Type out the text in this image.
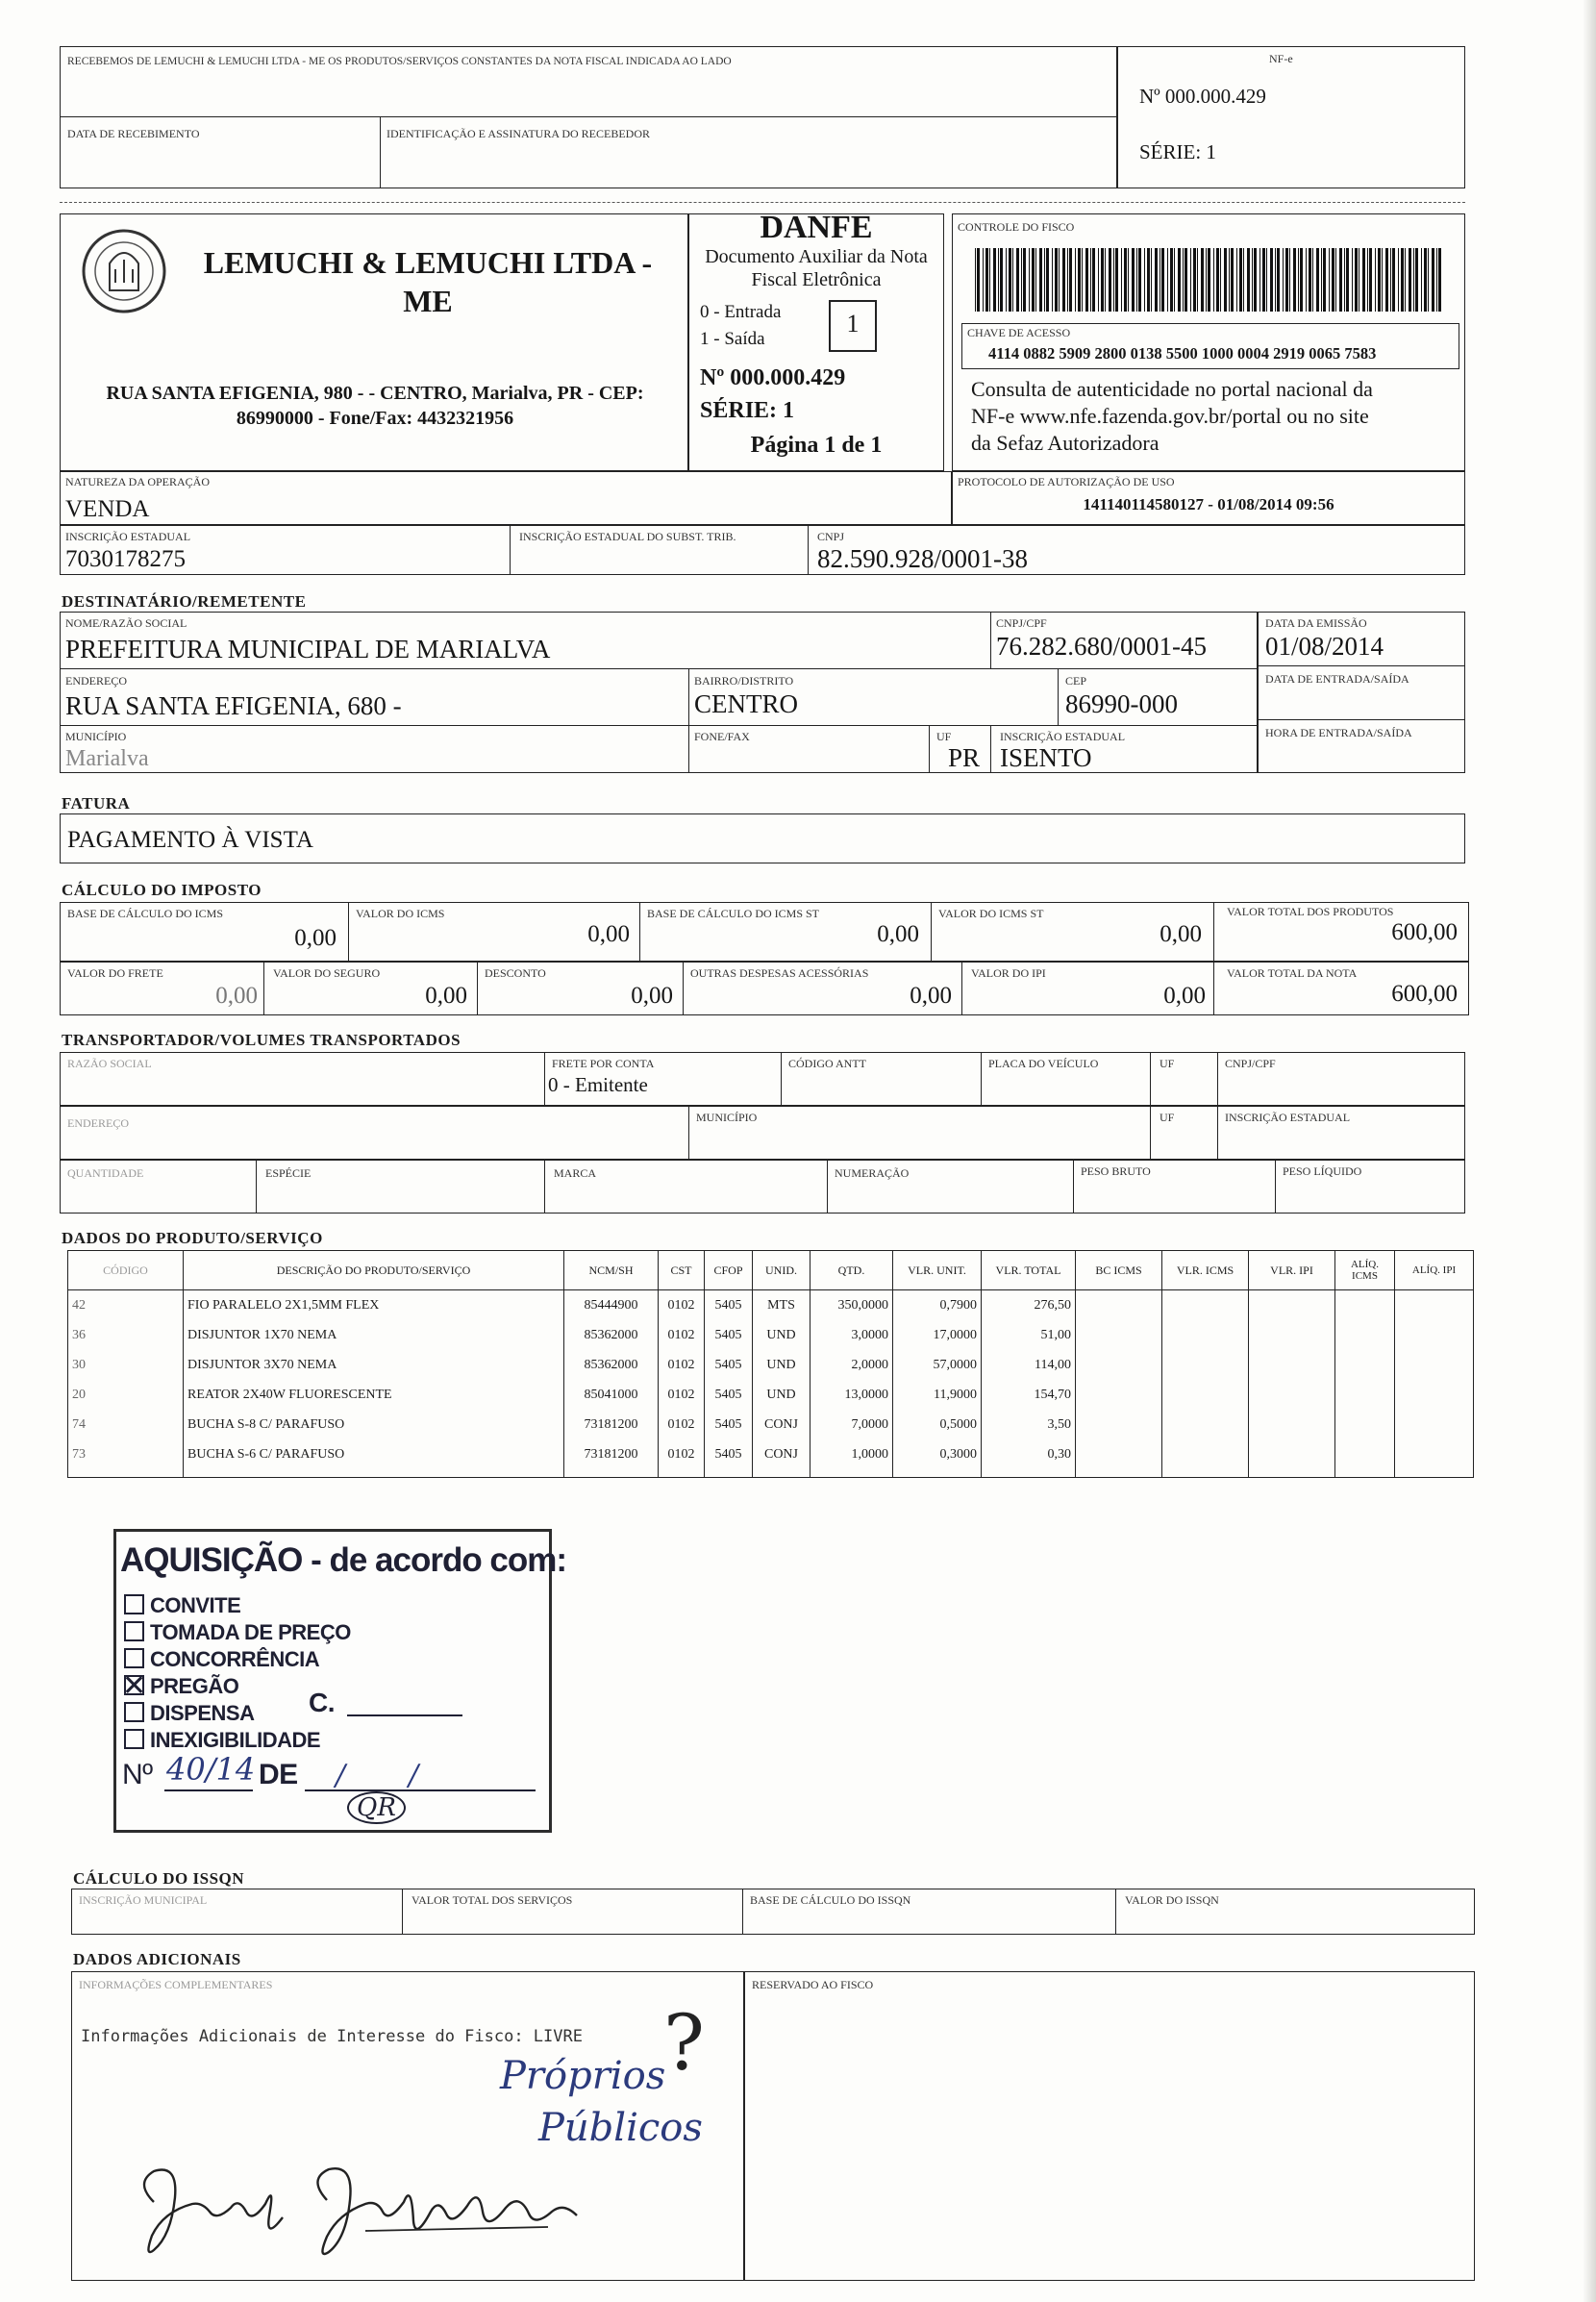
RECEBEMOS DE LEMUCHI & LEMUCHI LTDA - ME OS PRODUTOS/SERVIÇOS CONSTANTES DA NOTA FISCAL INDICADA AO LADO
DATA DE RECEBIMENTO	IDENTIFICAÇÃO E ASSINATURA DO RECEBEDOR
NF-e
Nº 000.000.429
SÉRIE: 1
LEMUCHI & LEMUCHI LTDA -
ME
RUA SANTA EFIGENIA, 980 - - CENTRO, Marialva, PR - CEP:
86990000 - Fone/Fax: 4432321956
DANFE
Documento Auxiliar da Nota
Fiscal Eletrônica
0 - Entrada
1 - Saída
1
Nº 000.000.429
SÉRIE: 1
Página 1 de 1
CONTROLE DO FISCO
CHAVE DE ACESSO
4114 0882 5909 2800 0138 5500 1000 0004 2919 0065 7583
Consulta de autenticidade no portal nacional da
NF-e www.nfe.fazenda.gov.br/portal ou no site
da Sefaz Autorizadora
NATUREZA DA OPERAÇÃO
VENDA
PROTOCOLO DE AUTORIZAÇÃO DE USO
141140114580127 - 01/08/2014 09:56
INSCRIÇÃO ESTADUAL
7030178275
INSCRIÇÃO ESTADUAL DO SUBST. TRIB.	CNPJ
82.590.928/0001-38
DESTINATÁRIO/REMETENTE
NOME/RAZÃO SOCIAL
PREFEITURA MUNICIPAL DE MARIALVA
CNPJ/CPF
76.282.680/0001-45
ENDEREÇO
RUA SANTA EFIGENIA, 680 -
BAIRRO/DISTRITO
CENTRO
CEP
86990-000
MUNICÍPIO
Marialva
FONE/FAX	UF
PR
INSCRIÇÃO ESTADUAL
ISENTO
DATA DA EMISSÃO
01/08/2014
DATA DE ENTRADA/SAÍDA
HORA DE ENTRADA/SAÍDA
FATURA
PAGAMENTO À VISTA
CÁLCULO DO IMPOSTO
BASE DE CÁLCULO DO ICMS
0,00
VALOR DO ICMS
0,00
BASE DE CÁLCULO DO ICMS ST
0,00
VALOR DO ICMS ST
0,00
VALOR TOTAL DOS PRODUTOS
600,00
VALOR DO FRETE
0,00
VALOR DO SEGURO
0,00
DESCONTO
0,00
OUTRAS DESPESAS ACESSÓRIAS
0,00
VALOR DO IPI
0,00
VALOR TOTAL DA NOTA
600,00
TRANSPORTADOR/VOLUMES TRANSPORTADOS
RAZÃO SOCIAL	FRETE POR CONTA
0 - Emitente
CÓDIGO ANTT	PLACA DO VEÍCULO	UF	CNPJ/CPF
ENDEREÇO	MUNICÍPIO	UF	INSCRIÇÃO ESTADUAL
QUANTIDADE	ESPÉCIE	MARCA	NUMERAÇÃO	PESO BRUTO	PESO LÍQUIDO
DADOS DO PRODUTO/SERVIÇO
CÓDIGO	DESCRIÇÃO DO PRODUTO/SERVIÇO	NCM/SH	CST	CFOP	UNID.	QTD.	VLR. UNIT.	VLR. TOTAL	BC ICMS	VLR. ICMS	VLR. IPI	ALÍQ. ICMS	ALÍQ. IPI
42	FIO PARALELO 2X1,5MM FLEX	85444900	0102	5405	MTS	350,0000	0,7900	276,50					
36	DISJUNTOR 1X70 NEMA	85362000	0102	5405	UND	3,0000	17,0000	51,00					
30	DISJUNTOR 3X70 NEMA	85362000	0102	5405	UND	2,0000	57,0000	114,00					
20	REATOR 2X40W FLUORESCENTE	85041000	0102	5405	UND	13,0000	11,9000	154,70					
74	BUCHA S-8 C/ PARAFUSO	73181200	0102	5405	CONJ	7,0000	0,5000	3,50					
73	BUCHA S-6 C/ PARAFUSO	73181200	0102	5405	CONJ	1,0000	0,3000	0,30					

AQUISIÇÃO - de acordo com:
CONVITE
TOMADA DE PREÇO
CONCORRÊNCIA
PREGÃO
DISPENSA
INEXIGIBILIDADE
C.
Nº 40/14 DE / /
QR
CÁLCULO DO ISSQN
INSCRIÇÃO MUNICIPAL	VALOR TOTAL DOS SERVIÇOS	BASE DE CÁLCULO DO ISSQN	VALOR DO ISSQN
DADOS ADICIONAIS
INFORMAÇÕES COMPLEMENTARES	RESERVADO AO FISCO
Informações Adicionais de Interesse do Fisco: LIVRE ?
Próprios
Públicos
